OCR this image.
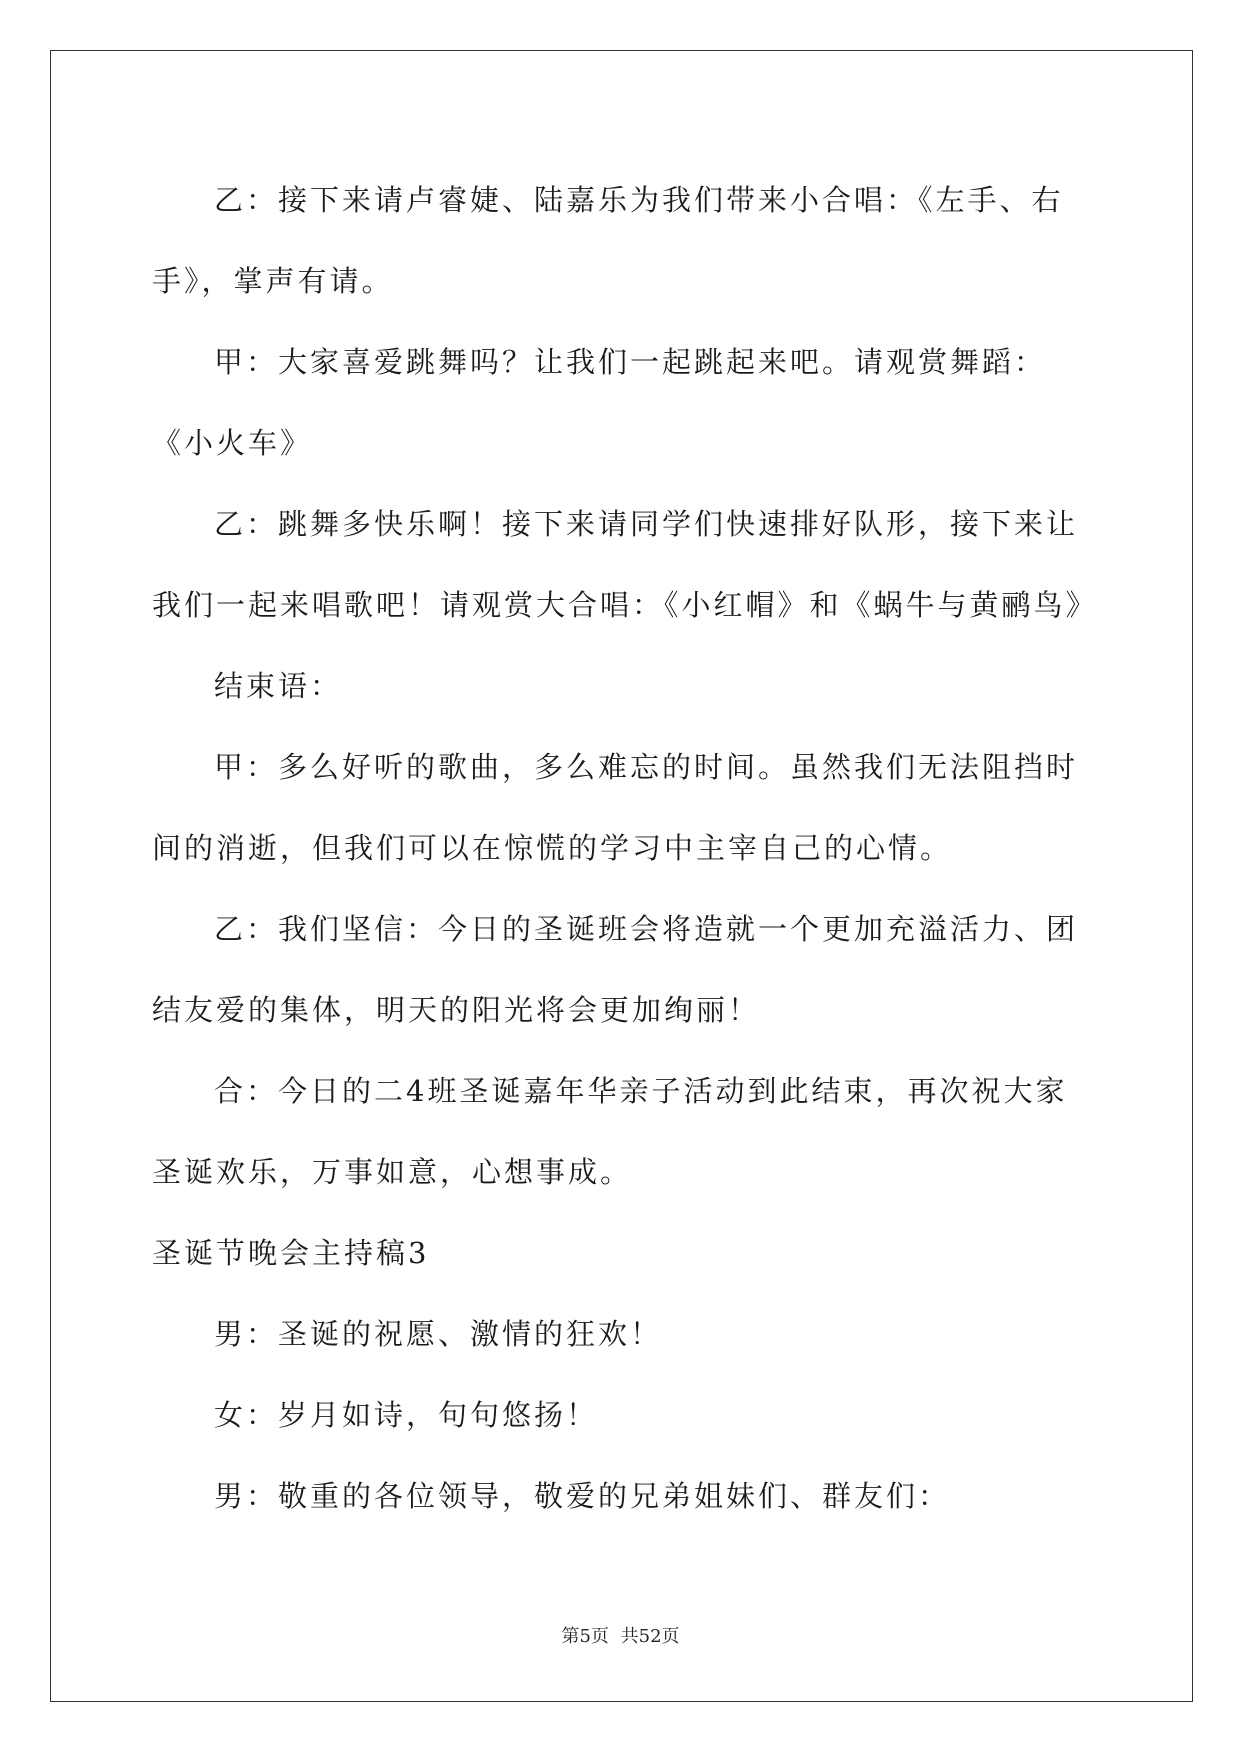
乙：接下来请卢睿婕、陆嘉乐为我们带来小合唱：《左手、右手》，掌声有请。

甲：大家喜爱跳舞吗？让我们一起跳起来吧。请观赏舞蹈：《小火车》

乙：跳舞多快乐啊！接下来请同学们快速排好队形，接下来让我们一起来唱歌吧！请观赏大合唱：《小红帽》和《蜗牛与黄鹂鸟》

结束语：

甲：多么好听的歌曲，多么难忘的时间。虽然我们无法阻挡时间的消逝，但我们可以在惊慌的学习中主宰自己的心情。

乙：我们坚信：今日的圣诞班会将造就一个更加充溢活力、团结友爱的集体，明天的阳光将会更加绚丽！

合：今日的二4班圣诞嘉年华亲子活动到此结束，再次祝大家圣诞欢乐，万事如意，心想事成。

圣诞节晚会主持稿3

男：圣诞的祝愿、激情的狂欢！

女：岁月如诗，句句悠扬！

男：敬重的各位领导，敬爱的兄弟姐妹们、群友们：

第5页 共52页
